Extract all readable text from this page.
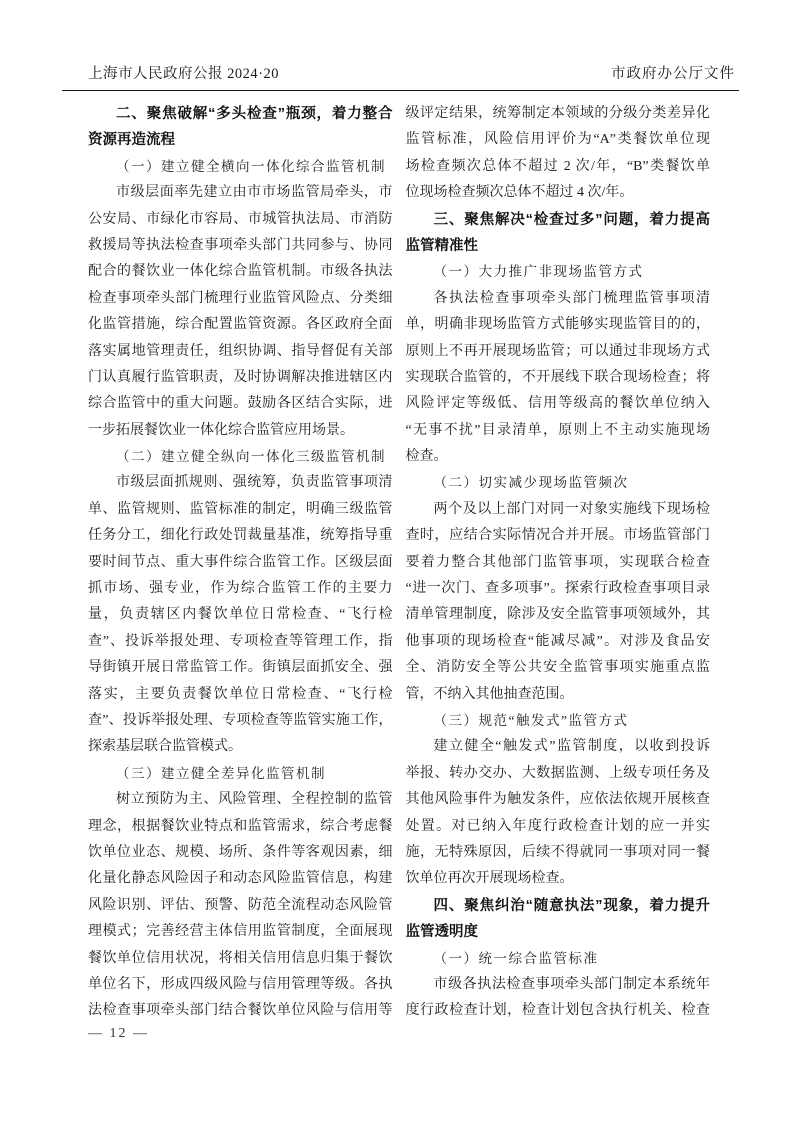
上海市人民政府公报 2024·20	市政府办公厅文件
二、聚焦破解“多头检查”瓶颈，着力整合
资源再造流程
（一）建立健全横向一体化综合监管机制
市级层面率先建立由市市场监管局牵头，市
公安局、市绿化市容局、市城管执法局、市消防
救援局等执法检查事项牵头部门共同参与、协同
配合的餐饮业一体化综合监管机制。市级各执法
检查事项牵头部门梳理行业监管风险点、分类细
化监管措施，综合配置监管资源。各区政府全面
落实属地管理责任，组织协调、指导督促有关部
门认真履行监管职责，及时协调解决推进辖区内
综合监管中的重大问题。鼓励各区结合实际，进
一步拓展餐饮业一体化综合监管应用场景。
（二）建立健全纵向一体化三级监管机制
市级层面抓规则、强统筹，负责监管事项清
单、监管规则、监管标准的制定，明确三级监管
任务分工，细化行政处罚裁量基准，统筹指导重
要时间节点、重大事件综合监管工作。区级层面
抓市场、强专业，作为综合监管工作的主要力
量，负责辖区内餐饮单位日常检查、“飞行检
查”、投诉举报处理、专项检查等管理工作，指
导街镇开展日常监管工作。街镇层面抓安全、强
落实，主要负责餐饮单位日常检查、“飞行检
查”、投诉举报处理、专项检查等监管实施工作，
探索基层联合监管模式。
（三）建立健全差异化监管机制
树立预防为主、风险管理、全程控制的监管
理念，根据餐饮业特点和监管需求，综合考虑餐
饮单位业态、规模、场所、条件等客观因素，细
化量化静态风险因子和动态风险监管信息，构建
风险识别、评估、预警、防范全流程动态风险管
理模式；完善经营主体信用监管制度，全面展现
餐饮单位信用状况，将相关信用信息归集于餐饮
单位名下，形成四级风险与信用管理等级。各执
法检查事项牵头部门结合餐饮单位风险与信用等
级评定结果，统筹制定本领域的分级分类差异化
监管标准，风险信用评价为“A”类餐饮单位现
场检查频次总体不超过 2 次/年，“B”类餐饮单
位现场检查频次总体不超过 4 次/年。
三、聚焦解决“检查过多”问题，着力提高
监管精准性
（一）大力推广非现场监管方式
各执法检查事项牵头部门梳理监管事项清
单，明确非现场监管方式能够实现监管目的的，
原则上不再开展现场监管；可以通过非现场方式
实现联合监管的，不开展线下联合现场检查；将
风险评定等级低、信用等级高的餐饮单位纳入
“无事不扰”目录清单，原则上不主动实施现场
检查。
（二）切实减少现场监管频次
两个及以上部门对同一对象实施线下现场检
查时，应结合实际情况合并开展。市场监管部门
要着力整合其他部门监管事项，实现联合检查
“进一次门、查多项事”。探索行政检查事项目录
清单管理制度，除涉及安全监管事项领域外，其
他事项的现场检查“能减尽减”。对涉及食品安
全、消防安全等公共安全监管事项实施重点监
管，不纳入其他抽查范围。
（三）规范“触发式”监管方式
建立健全“触发式”监管制度，以收到投诉
举报、转办交办、大数据监测、上级专项任务及
其他风险事件为触发条件，应依法依规开展核查
处置。对已纳入年度行政检查计划的应一并实
施，无特殊原因，后续不得就同一事项对同一餐
饮单位再次开展现场检查。
四、聚焦纠治“随意执法”现象，着力提升
监管透明度
（一）统一综合监管标准
市级各执法检查事项牵头部门制定本系统年
度行政检查计划，检查计划包含执行机关、检查
— 12 —
